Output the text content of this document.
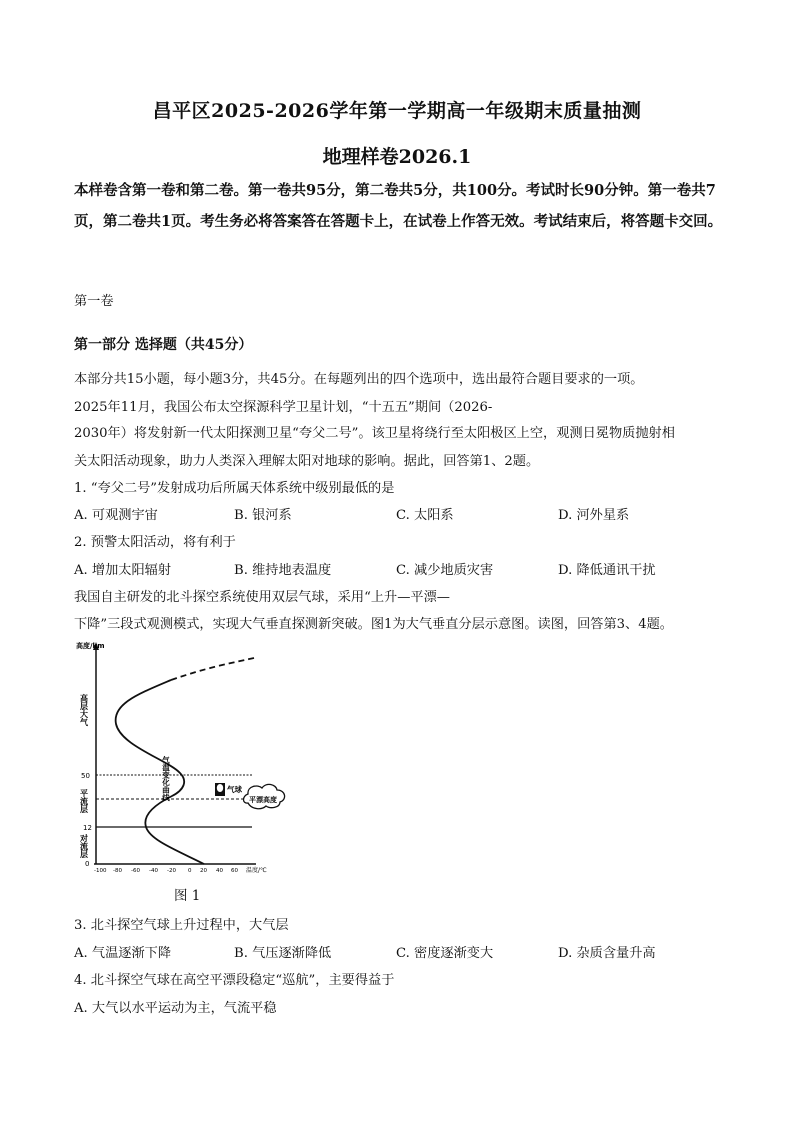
昌平区2025-2026学年第一学期高一年级期末质量抽测
地理样卷2026.1
本样卷含第一卷和第二卷。第一卷共95分，第二卷共5分，共100分。考试时长90分钟。第一卷共7页，第二卷共1页。考生务必将答案答在答题卡上，在试卷上作答无效。考试结束后，将答题卡交回。
第一卷
第一部分 选择题（共45分）
本部分共15小题，每小题3分，共45分。在每题列出的四个选项中，选出最符合题目要求的一项。
2025年11月，我国公布太空探源科学卫星计划，“十五五”期间（2026-
2030年）将发射新一代太阳探测卫星“夸父二号”。该卫星将绕行至太阳极区上空，观测日冕物质抛射相
关太阳活动现象，助力人类深入理解太阳对地球的影响。据此，回答第1、2题。
1. “夸父二号”发射成功后所属天体系统中级别最低的是
A. 可观测宇宙	B. 银河系	C. 太阳系	D. 河外星系
2. 预警太阳活动，将有利于
A. 增加太阳辐射	B. 维持地表温度	C. 减少地质灾害	D. 降低通讯干扰
我国自主研发的北斗探空系统使用双层气球，采用“上升—平漂—
下降”三段式观测模式，实现大气垂直探测新突破。图1为大气垂直分层示意图。读图，回答第3、4题。
高度/km
高层大气
平流层
对流层
50
12
0
气温变化曲线	气球
平漂高度
-100 -80 -60 -40 -20 0 20 40 60 温度/℃
图 1
3. 北斗探空气球上升过程中，大气层
A. 气温逐渐下降	B. 气压逐渐降低	C. 密度逐渐变大	D. 杂质含量升高
4. 北斗探空气球在高空平漂段稳定“巡航”，主要得益于
A. 大气以水平运动为主，气流平稳
